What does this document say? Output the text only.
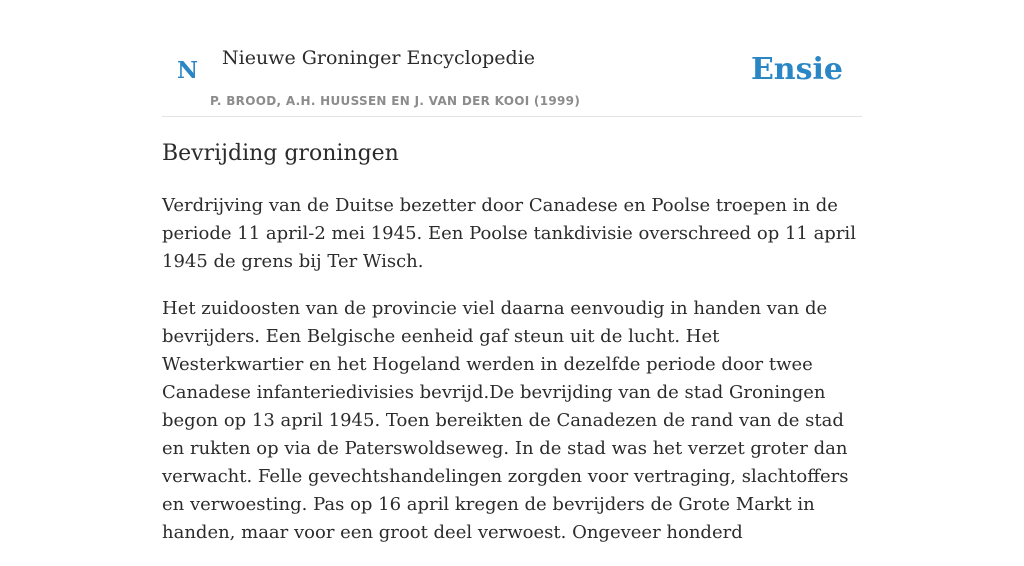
N Nieuwe Groninger Encyclopedie
P. BROOD, A.H. HUUSSEN EN J. VAN DER KOOI (1999)
Ensie
Bevrijding groningen

Verdrijving van de Duitse bezetter door Canadese en Poolse troepen in de periode 11 april-2 mei 1945. Een Poolse tankdivisie overschreed op 11 april 1945 de grens bij Ter Wisch.

Het zuidoosten van de provincie viel daarna eenvoudig in handen van de bevrijders. Een Belgische eenheid gaf steun uit de lucht. Het Westerkwartier en het Hogeland werden in dezelfde periode door twee Canadese infanteriedivisies bevrijd.De bevrijding van de stad Groningen begon op 13 april 1945. Toen bereikten de Canadezen de rand van de stad en rukten op via de Paterswoldseweg. In de stad was het verzet groter dan verwacht. Felle gevechtshandelingen zorgden voor vertraging, slachtoffers en verwoesting. Pas op 16 april kregen de bevrijders de Grote Markt in handen, maar voor een groot deel verwoest. Ongeveer honderd
